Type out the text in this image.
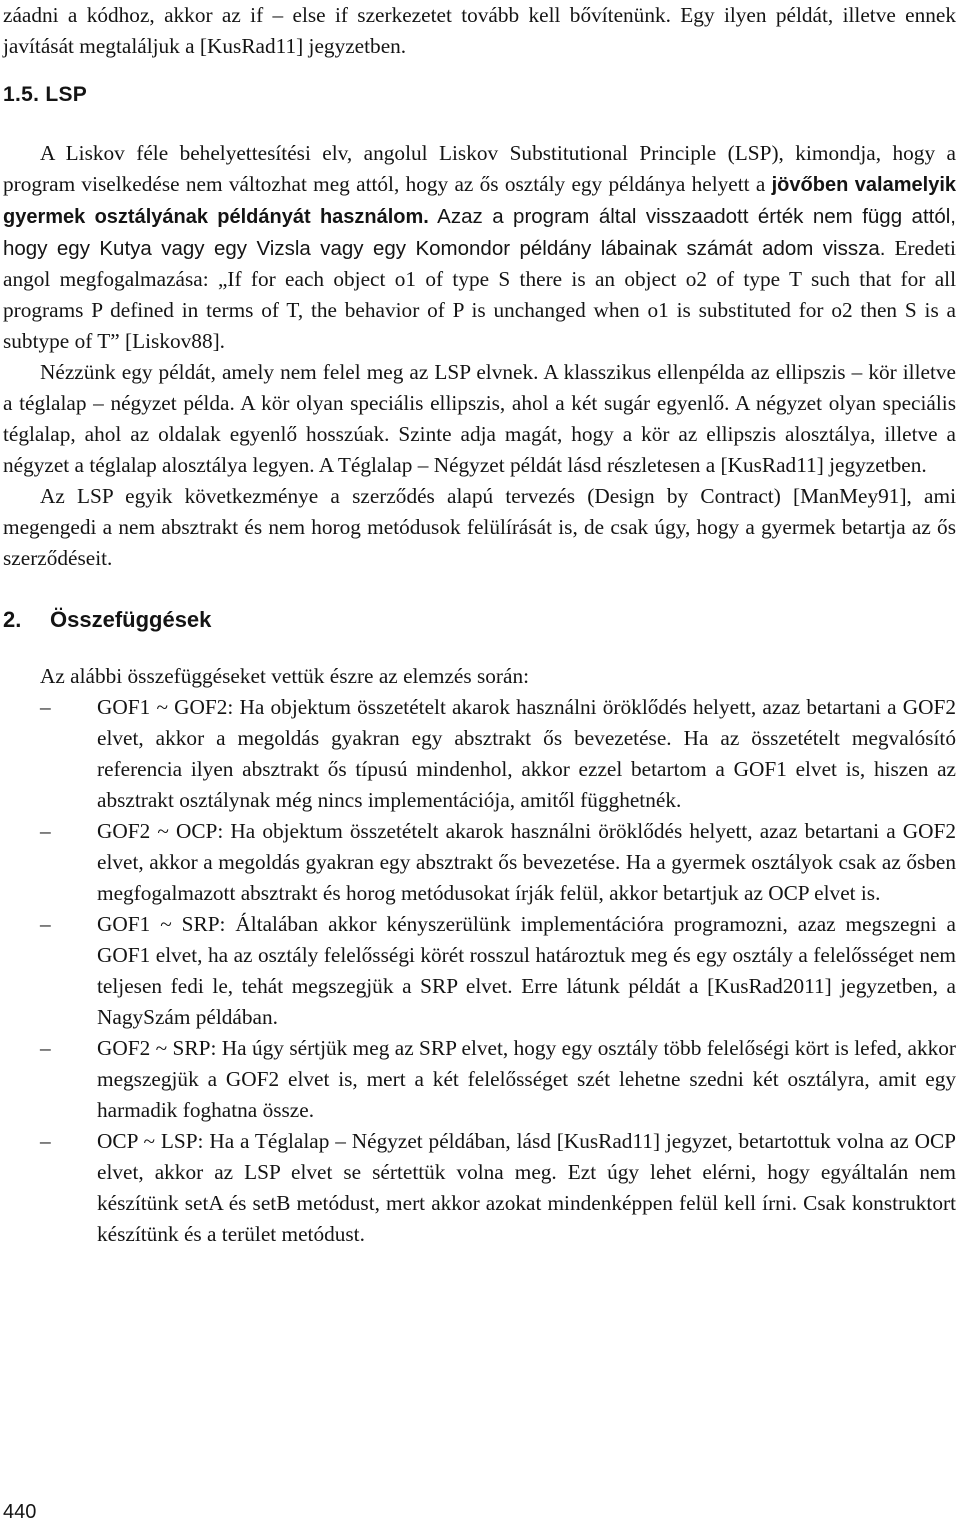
záadni a kódhoz, akkor az if – else if szerkezetet tovább kell bővítenünk. Egy ilyen példát, illetve ennek javítását megtaláljuk a [KusRad11] jegyzetben.

1.5. LSP

A Liskov féle behelyettesítési elv, angolul Liskov Substitutional Principle (LSP), kimondja, hogy a program viselkedése nem változhat meg attól, hogy az ős osztály egy példánya helyett a jövőben valamelyik gyermek osztályának példányát használom. Azaz a program által visszaadott érték nem függ attól, hogy egy Kutya vagy egy Vizsla vagy egy Komondor példány lábainak számát adom vissza. Eredeti angol megfogalmazása: „If for each object o1 of type S there is an object o2 of type T such that for all programs P defined in terms of T, the behavior of P is unchanged when o1 is substituted for o2 then S is a subtype of T” [Liskov88].

Nézzünk egy példát, amely nem felel meg az LSP elvnek. A klasszikus ellenpélda az ellipszis – kör illetve a téglalap – négyzet példa. A kör olyan speciális ellipszis, ahol a két sugár egyenlő. A négyzet olyan speciális téglalap, ahol az oldalak egyenlő hosszúak. Szinte adja magát, hogy a kör az ellipszis alosztálya, illetve a négyzet a téglalap alosztálya legyen. A Téglalap – Négyzet példát lásd részletesen a [KusRad11] jegyzetben.

Az LSP egyik következménye a szerződés alapú tervezés (Design by Contract) [ManMey91], ami megengedi a nem absztrakt és nem horog metódusok felülírását is, de csak úgy, hogy a gyermek betartja az ős szerződéseit.

2. Összefüggések

Az alábbi összefüggéseket vettük észre az elemzés során:

– GOF1 ~ GOF2: Ha objektum összetételt akarok használni öröklődés helyett, azaz betartani a GOF2 elvet, akkor a megoldás gyakran egy absztrakt ős bevezetése. Ha az összetételt megvalósító referencia ilyen absztrakt ős típusú mindenhol, akkor ezzel betartom a GOF1 elvet is, hiszen az absztrakt osztálynak még nincs implementációja, amitől függhetnék.
– GOF2 ~ OCP: Ha objektum összetételt akarok használni öröklődés helyett, azaz betartani a GOF2 elvet, akkor a megoldás gyakran egy absztrakt ős bevezetése. Ha a gyermek osztályok csak az ősben megfogalmazott absztrakt és horog metódusokat írják felül, akkor betartjuk az OCP elvet is.
– GOF1 ~ SRP: Általában akkor kényszerülünk implementációra programozni, azaz megszegni a GOF1 elvet, ha az osztály felelősségi körét rosszul határoztuk meg és egy osztály a felelősséget nem teljesen fedi le, tehát megszegjük a SRP elvet. Erre látunk példát a [KusRad2011] jegyzetben, a NagySzám példában.
– GOF2 ~ SRP: Ha úgy sértjük meg az SRP elvet, hogy egy osztály több felelőségi kört is lefed, akkor megszegjük a GOF2 elvet is, mert a két felelősséget szét lehetne szedni két osztályra, amit egy harmadik foghatna össze.
– OCP ~ LSP: Ha a Téglalap – Négyzet példában, lásd [KusRad11] jegyzet, betartottuk volna az OCP elvet, akkor az LSP elvet se sértettük volna meg. Ezt úgy lehet elérni, hogy egyáltalán nem készítünk setA és setB metódust, mert akkor azokat mindenképpen felül kell írni. Csak konstruktort készítünk és a terület metódust.
440
